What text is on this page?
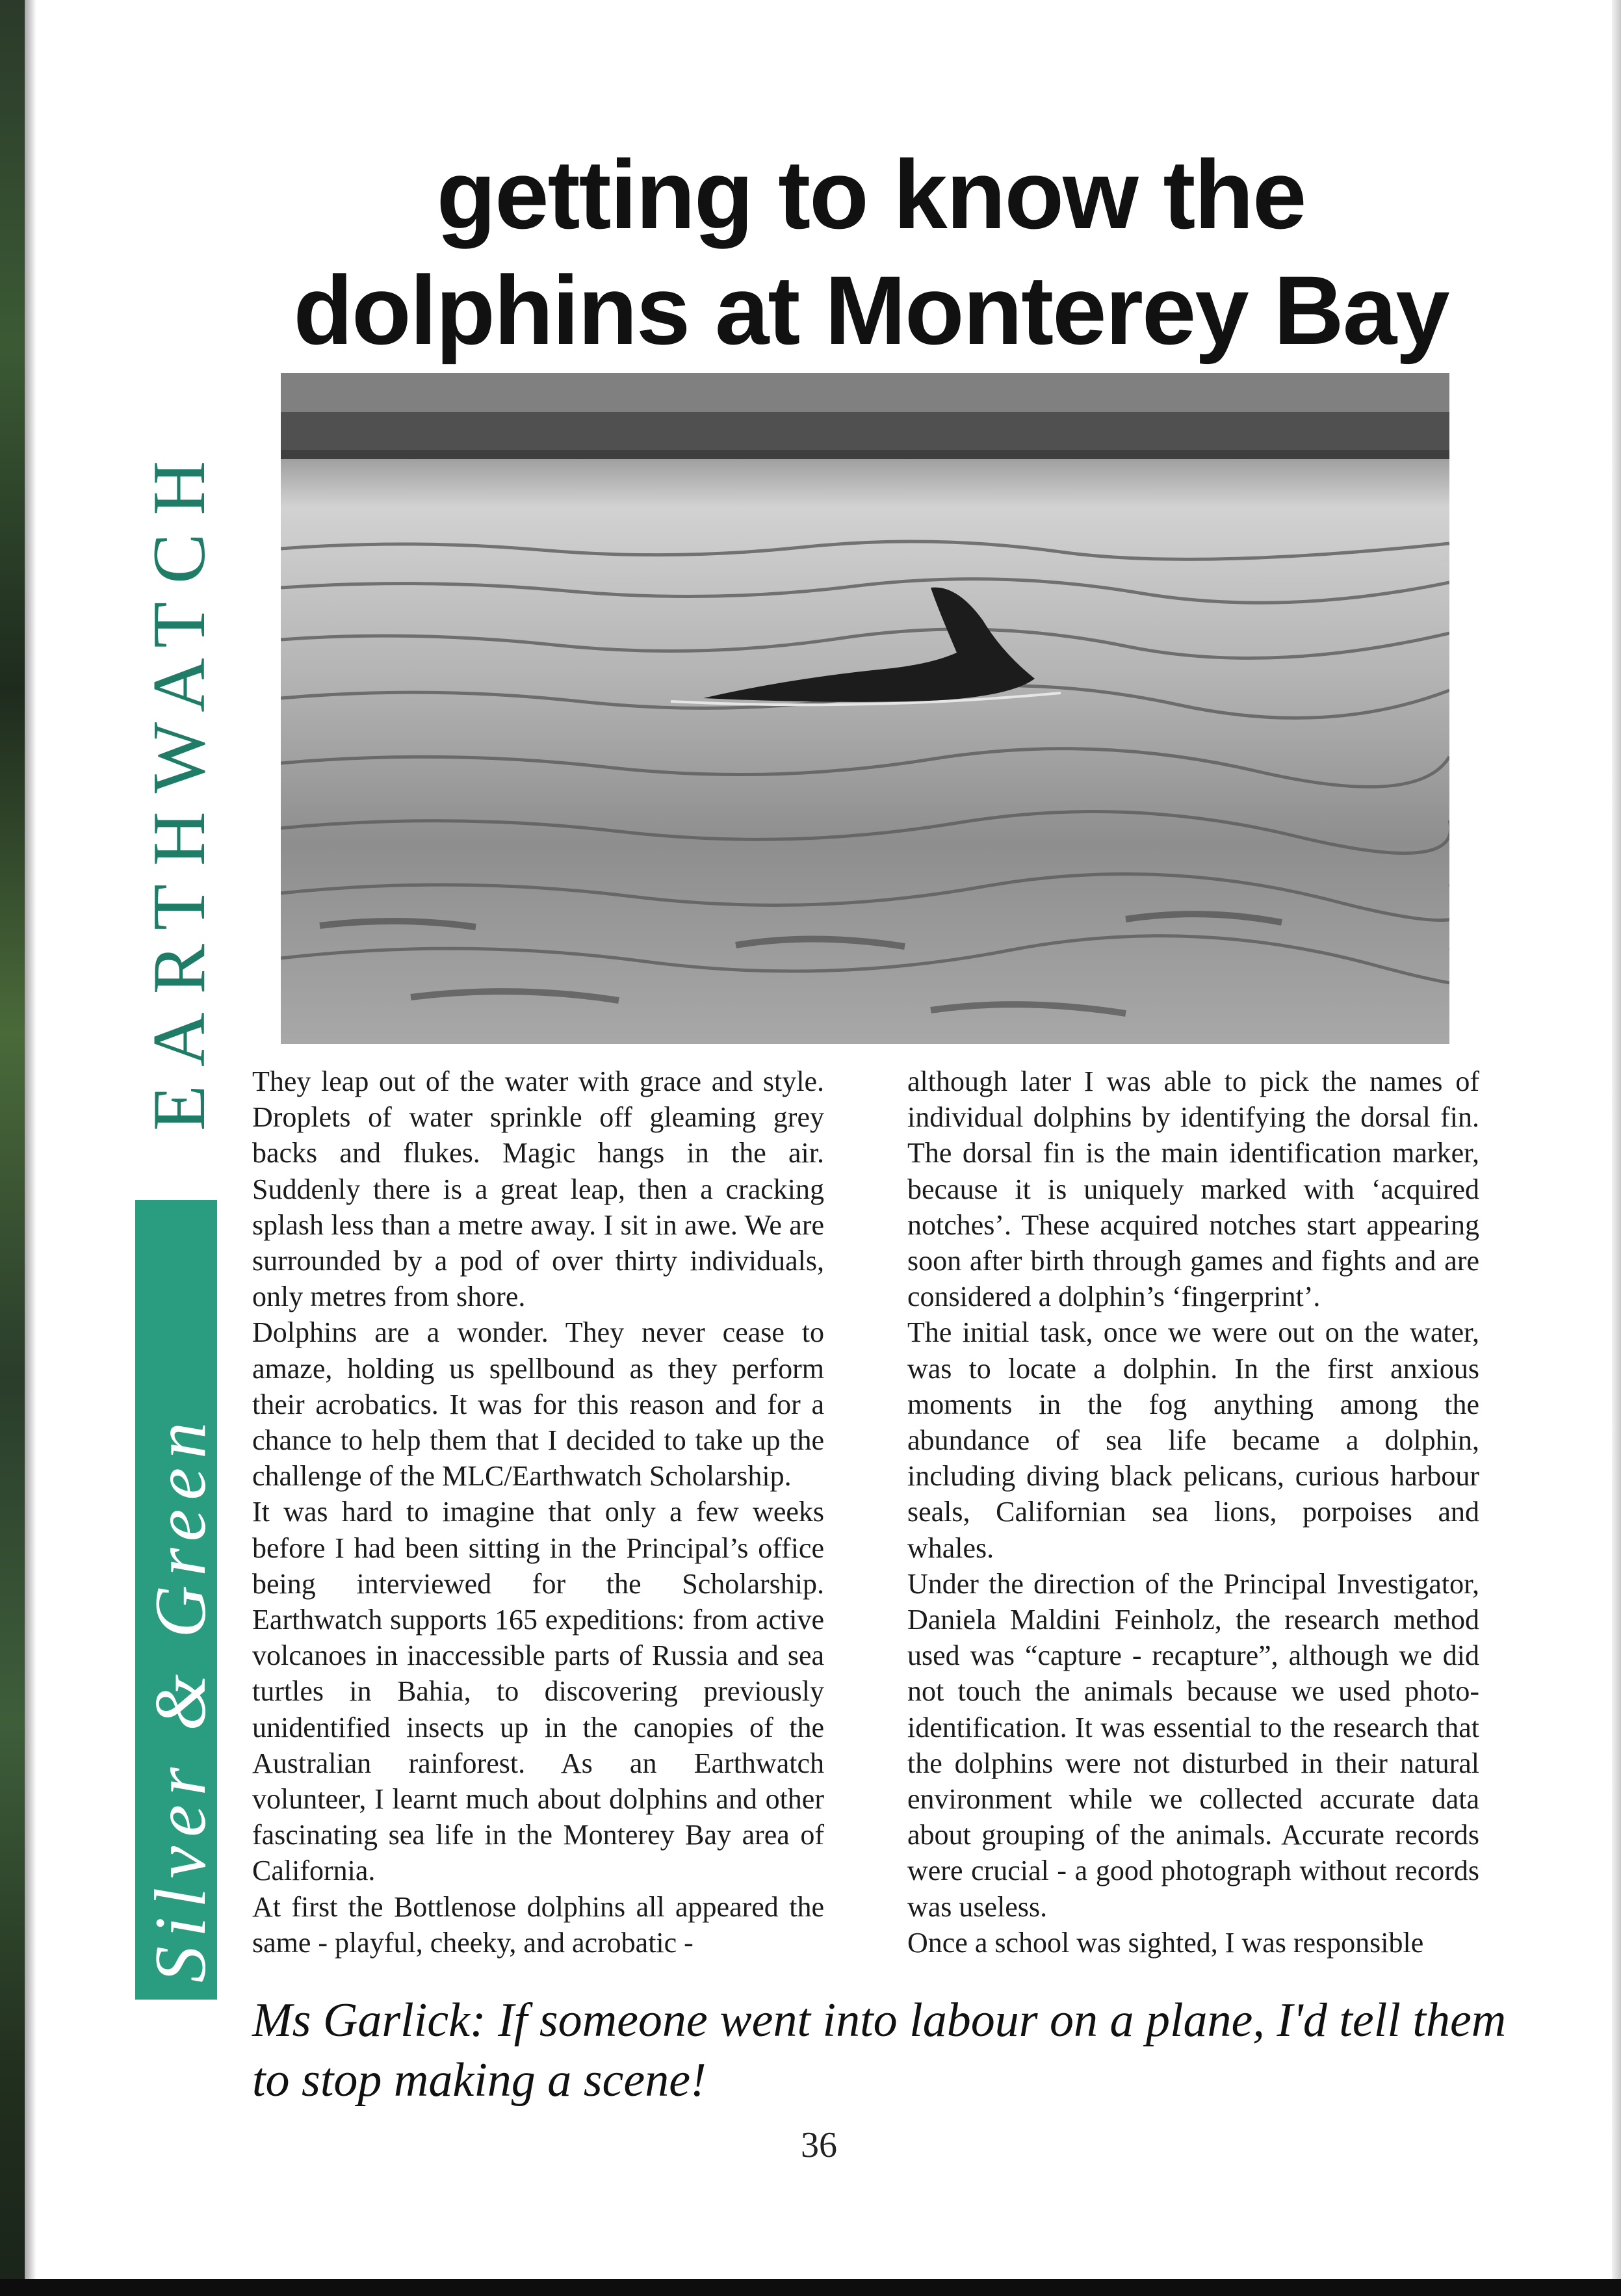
getting to know the
dolphins at Monterey Bay
EARTHWATCH
Silver & Green

They leap out of the water with grace and style. Droplets of water sprinkle off gleaming grey backs and flukes. Magic hangs in the air. Suddenly there is a great leap, then a cracking splash less than a metre away. I sit in awe. We are surrounded by a pod of over thirty individuals, only metres from shore.

Dolphins are a wonder. They never cease to amaze, holding us spellbound as they perform their acrobatics. It was for this reason and for a chance to help them that I decided to take up the challenge of the MLC/Earthwatch Scholarship.

It was hard to imagine that only a few weeks before I had been sitting in the Principal’s office being interviewed for the Scholarship. Earthwatch supports 165 expeditions: from active volcanoes in inaccessible parts of Russia and sea turtles in Bahia, to discovering previously unidentified insects up in the canopies of the Australian rainforest. As an Earthwatch volunteer, I learnt much about dolphins and other fascinating sea life in the Monterey Bay area of California.

At first the Bottlenose dolphins all appeared the same - playful, cheeky, and acrobatic -

although later I was able to pick the names of individual dolphins by identifying the dorsal fin. The dorsal fin is the main identification marker, because it is uniquely marked with ‘acquired notches’. These acquired notches start appearing soon after birth through games and fights and are considered a dolphin’s ‘fingerprint’.

The initial task, once we were out on the water, was to locate a dolphin. In the first anxious moments in the fog anything among the abundance of sea life became a dolphin, including diving black pelicans, curious harbour seals, Californian sea lions, porpoises and whales.

Under the direction of the Principal Investigator, Daniela Maldini Feinholz, the research method used was “capture - recapture”, although we did not touch the animals because we used photo-identification. It was essential to the research that the dolphins were not disturbed in their natural environment while we collected accurate data about grouping of the animals. Accurate records were crucial - a good photograph without records was useless.

Once a school was sighted, I was responsible

Ms Garlick: If someone went into labour on a plane, I'd tell them to stop making a scene!
36
